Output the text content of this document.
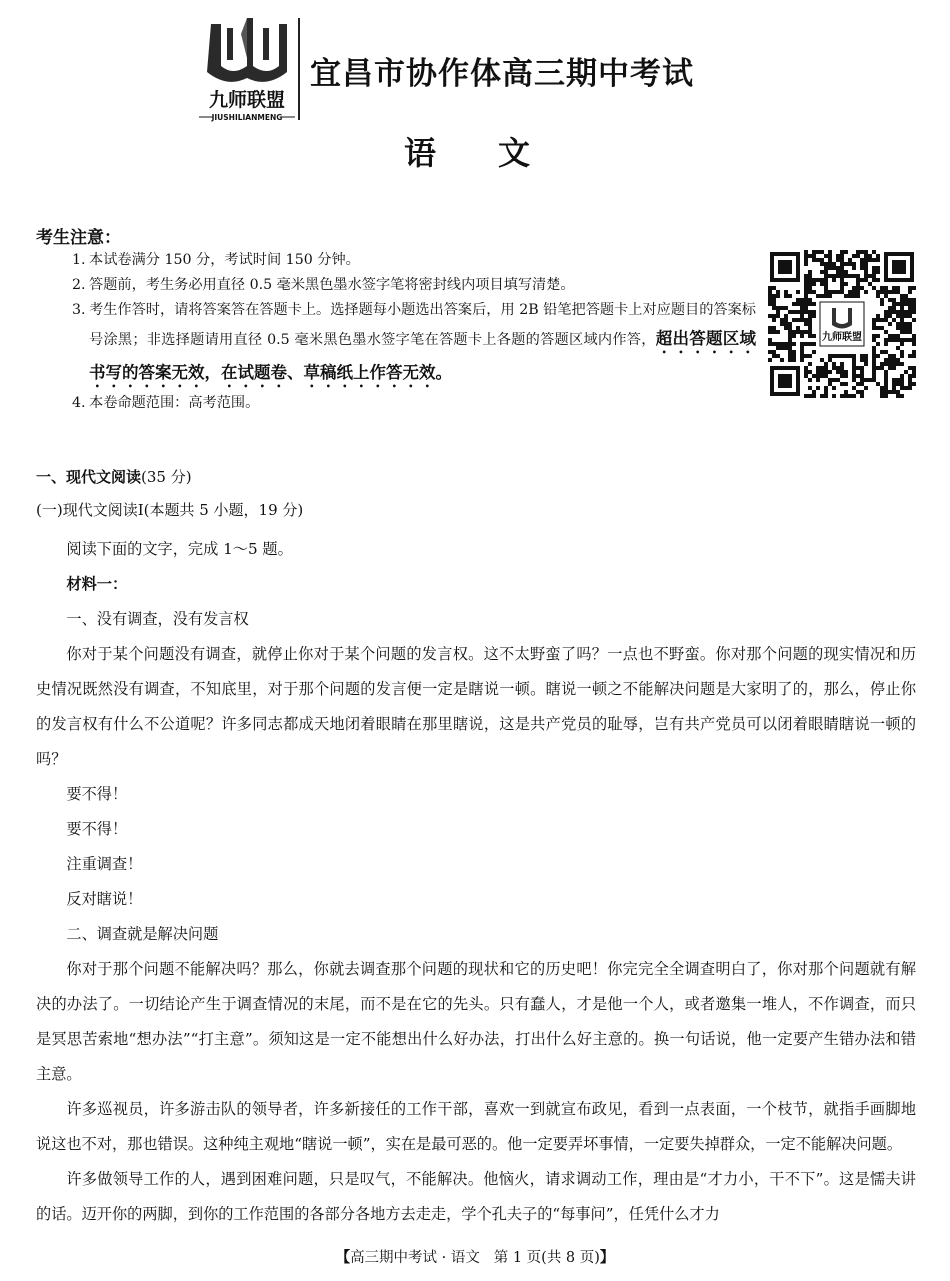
九师联盟
JIUSHILIANMENG
宜昌市协作体高三期中考试
语 文
考生注意：
1. 本试卷满分 150 分，考试时间 150 分钟。
2. 答题前，考生务必用直径 0.5 毫米黑色墨水签字笔将密封线内项目填写清楚。
3. 考生作答时，请将答案答在答题卡上。选择题每小题选出答案后，用 2B 铅笔把答题卡上对应题目的答案标号涂黑；非选择题请用直径 0.5 毫米黑色墨水签字笔在答题卡上各题的答题区域内作答，超出答题区域书写的答案无效，在试题卷、草稿纸上作答无效。
4. 本卷命题范围：高考范围。
九师联盟
一、现代文阅读(35 分)
(一)现代文阅读Ⅰ(本题共 5 小题，19 分)

阅读下面的文字，完成 1～5 题。

材料一：

一、没有调查，没有发言权

你对于某个问题没有调查，就停止你对于某个问题的发言权。这不太野蛮了吗？一点也不野蛮。你对那个问题的现实情况和历史情况既然没有调查，不知底里，对于那个问题的发言便一定是瞎说一顿。瞎说一顿之不能解决问题是大家明了的，那么，停止你的发言权有什么不公道呢？许多同志都成天地闭着眼睛在那里瞎说，这是共产党员的耻辱，岂有共产党员可以闭着眼睛瞎说一顿的吗？

要不得！

要不得！

注重调查！

反对瞎说！

二、调查就是解决问题

你对于那个问题不能解决吗？那么，你就去调查那个问题的现状和它的历史吧！你完完全全调查明白了，你对那个问题就有解决的办法了。一切结论产生于调查情况的末尾，而不是在它的先头。只有蠢人，才是他一个人，或者邀集一堆人，不作调查，而只是冥思苦索地“想办法”“打主意”。须知这是一定不能想出什么好办法，打出什么好主意的。换一句话说，他一定要产生错办法和错主意。

许多巡视员，许多游击队的领导者，许多新接任的工作干部，喜欢一到就宣布政见，看到一点表面，一个枝节，就指手画脚地说这也不对，那也错误。这种纯主观地“瞎说一顿”，实在是最可恶的。他一定要弄坏事情，一定要失掉群众，一定不能解决问题。

许多做领导工作的人，遇到困难问题，只是叹气，不能解决。他恼火，请求调动工作，理由是“才力小，干不下”。这是懦夫讲的话。迈开你的两脚，到你的工作范围的各部分各地方去走走，学个孔夫子的“每事问”，任凭什么才力

【高三期中考试 · 语文 第 1 页(共 8 页)】
